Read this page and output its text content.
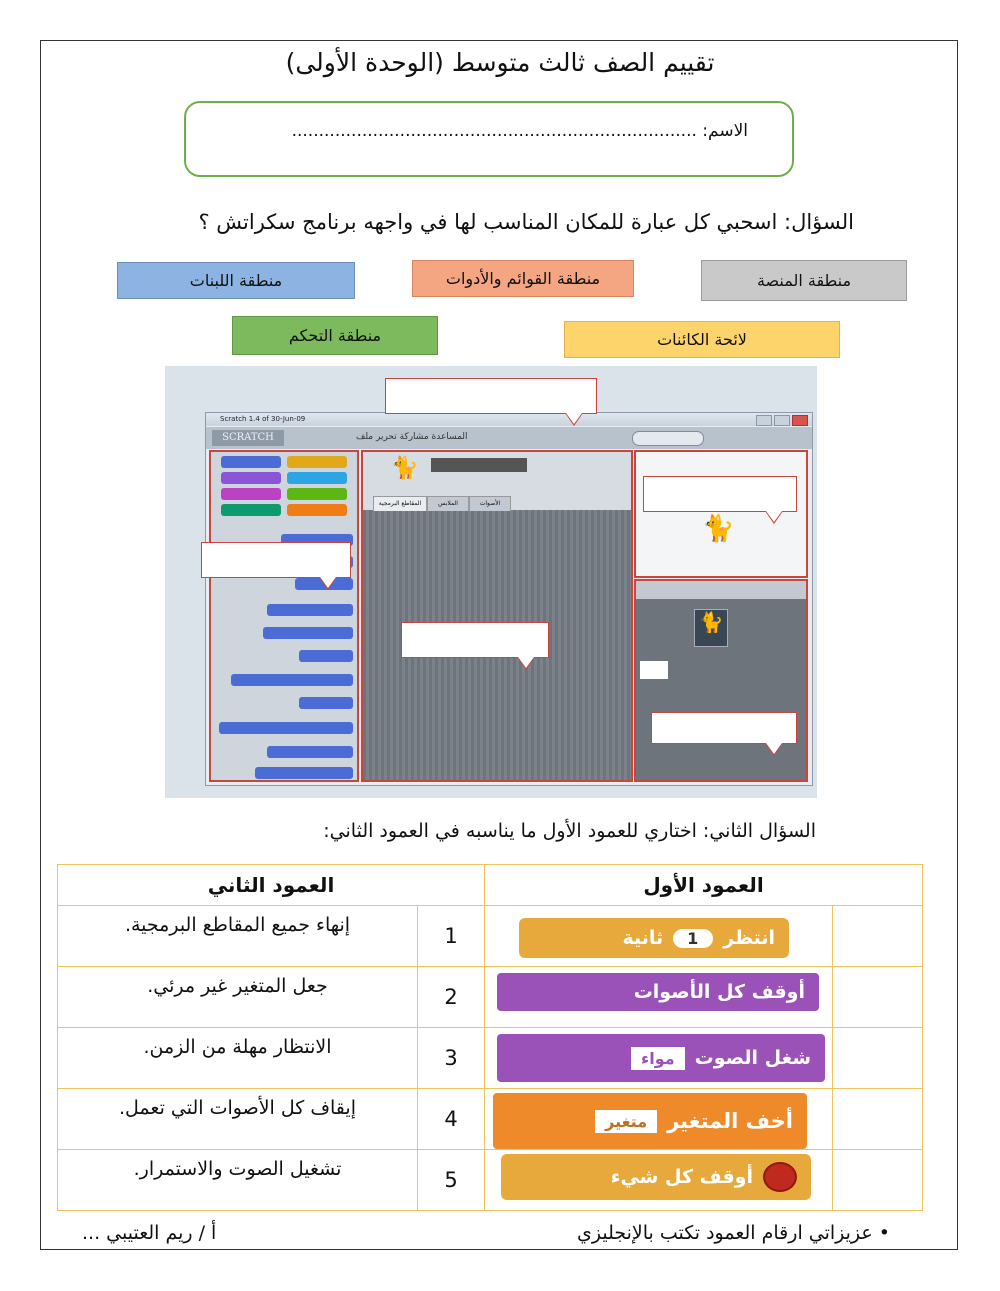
تقييم الصف ثالث متوسط (الوحدة الأولى)
الاسم: ...........................................................................
السؤال: اسحبي كل عبارة للمكان المناسب لها في واجهه برنامج سكراتش ؟
منطقة اللبنات	منطقة القوائم والأدوات	منطقة المنصة
منطقة التحكم	لائحة الكائنات
Scratch 1.4 of 30-Jun-09
SCRATCH	المساعدة مشاركة تحرير ملف
🐈
المقاطع البرمجية	الملابس	الأصوات
🐈
🐈
السؤال الثاني: اختاري للعمود الأول ما يناسبه في العمود الثاني:
العمود الأول		العمود الثاني	

	انتظر
1
ثانية	1	إنهاء جميع المقاطع البرمجية.

	أوقف كل الأصوات	2	جعل المتغير غير مرئي.

	شغل الصوت
مواء	3	الانتظار مهلة من الزمن.

	أخف المتغير
متغير	4	إيقاف كل الأصوات التي تعمل.

	أوقف كل شيء	5	تشغيل الصوت والاستمرار.
• عزيزاتي ارقام العمود تكتب بالإنجليزي
أ / ريم العتيبي ...
